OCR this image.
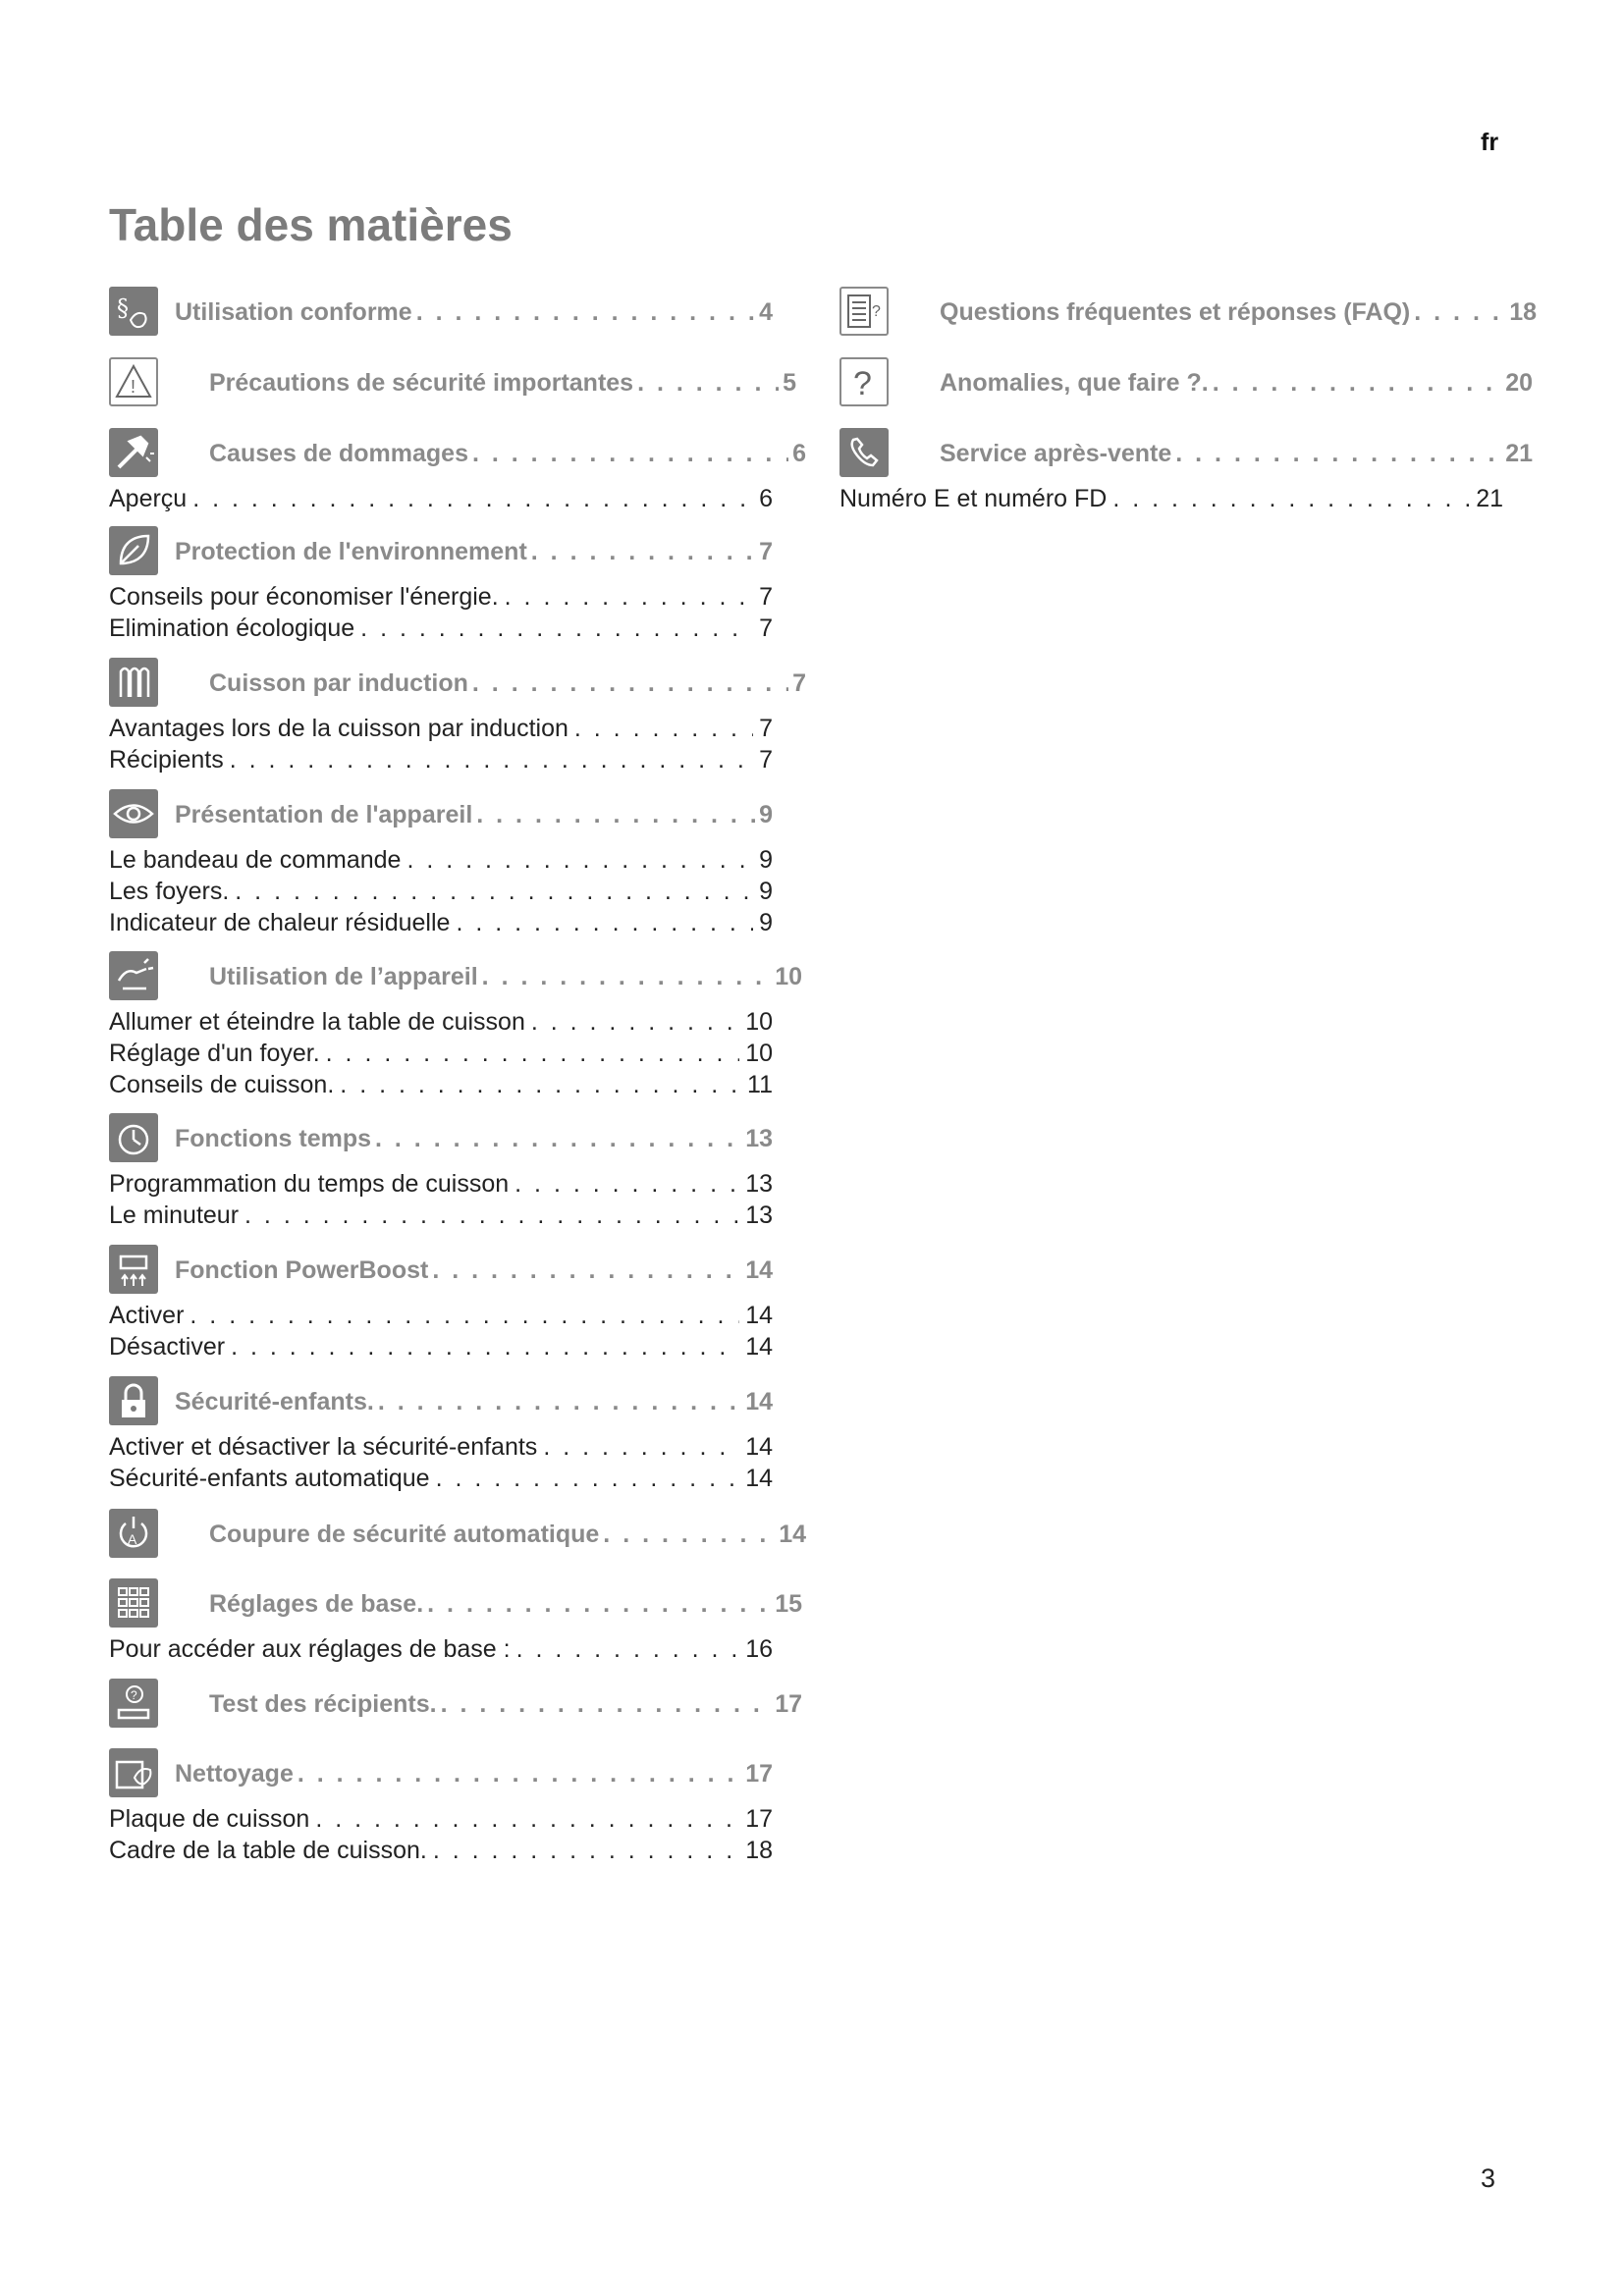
fr
Table des matières
§ Utilisation conforme . . .	4
!	Précautions de sécurité importantes . . .	5
Causes de dommages . . .	6
Aperçu . . .	6
Protection de l'environnement . . .	7
Conseils pour économiser l'énergie. . . .	7
Elimination écologique . . .	7
Cuisson par induction . . .	7
Avantages lors de la cuisson par induction . . .	7
Récipients . . .	7
Présentation de l'appareil . . .	9
Le bandeau de commande . . .	9
Les foyers. . . .	9
Indicateur de chaleur résiduelle . . .	9
Utilisation de l’appareil . . .	10
Allumer et éteindre la table de cuisson . . .	10
Réglage d'un foyer. . . .	10
Conseils de cuisson. . . .	11
Fonctions temps . . .	13
Programmation du temps de cuisson . . .	13
Le minuteur . . .	13
Fonction PowerBoost . . .	14
Activer . . .	14
Désactiver . . .	14
Sécurité-enfants. . . .	14
Activer et désactiver la sécurité-enfants . . .	14
Sécurité-enfants automatique . . .	14
A	Coupure de sécurité automatique . . .	14
Réglages de base. . . .	15
Pour accéder aux réglages de base : . . .	16
?	Test des récipients. . . .	17
Nettoyage . . .	17
Plaque de cuisson . . .	17
Cadre de la table de cuisson. . . .	18
? Questions fréquentes et réponses (FAQ) . . .	18
?	Anomalies, que faire ?. . . .	20
Service après-vente . . .	21
Numéro E et numéro FD . . .	21
3
